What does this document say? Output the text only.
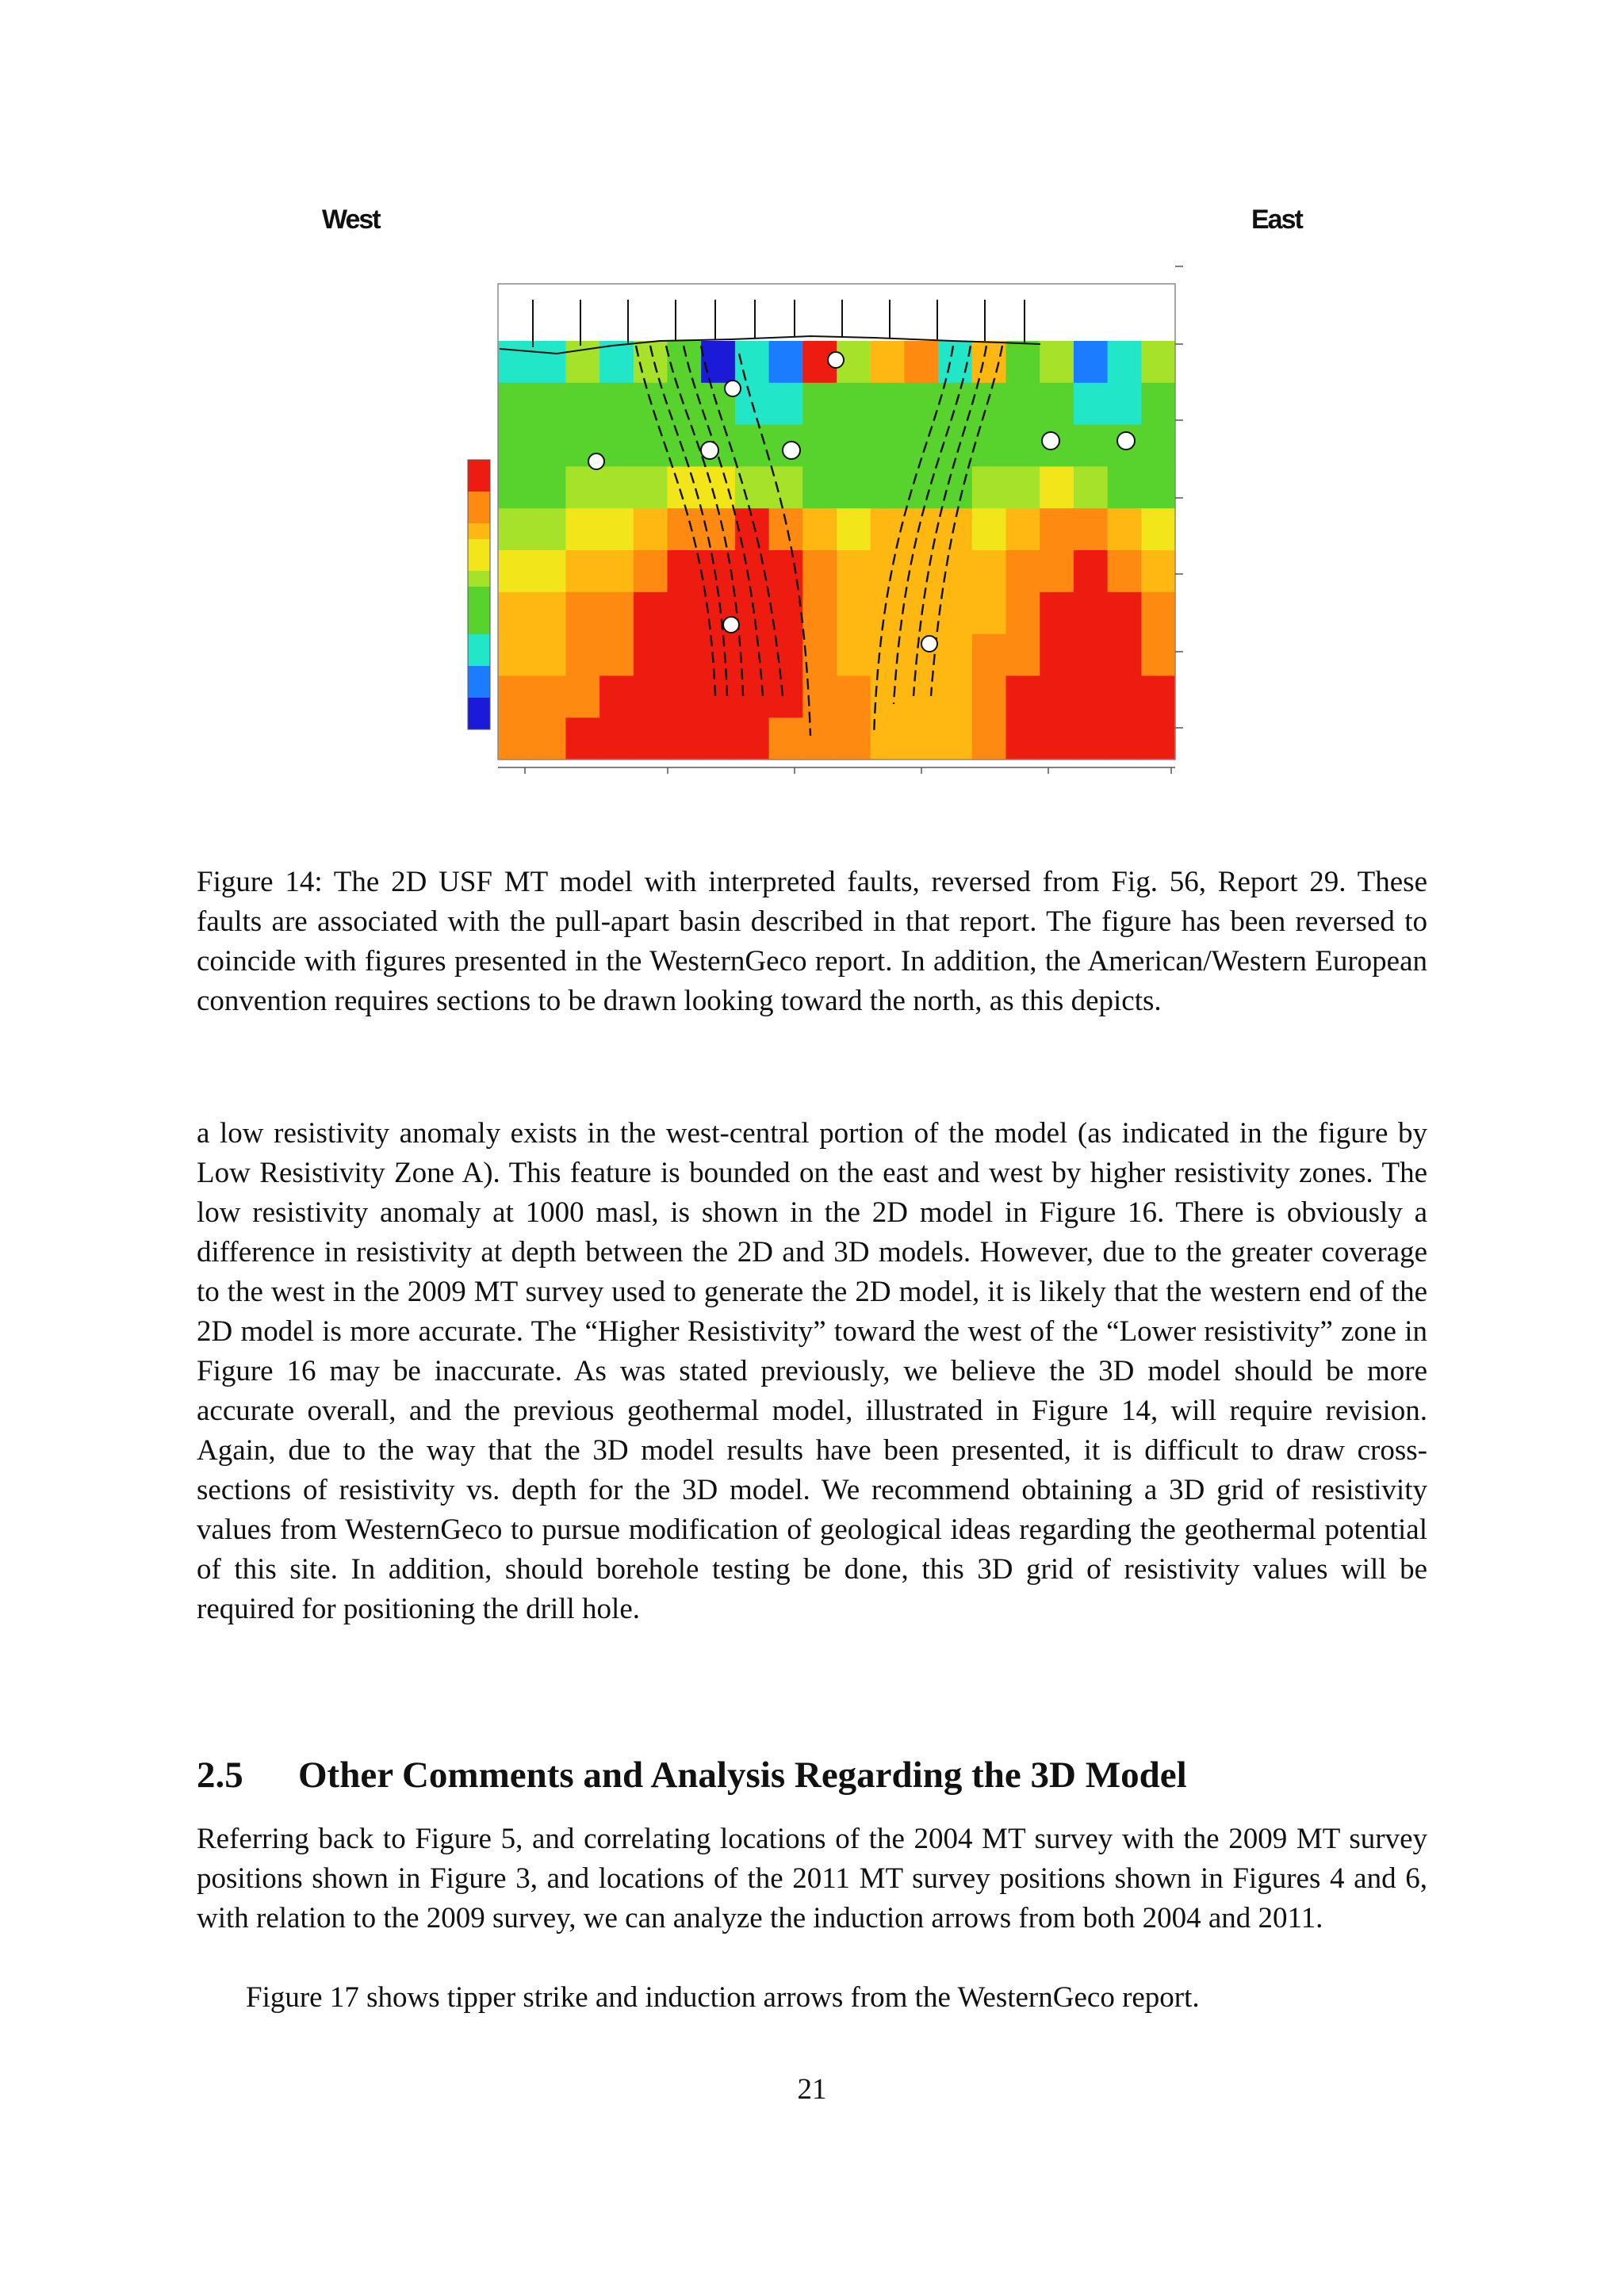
West	East
Figure 14: The 2D USF MT model with interpreted faults, reversed from Fig. 56, Report 29. These faults are associated with the pull-apart basin described in that report. The figure has been reversed to coincide with figures presented in the WesternGeco report. In addition, the American/Western European convention requires sections to be drawn looking toward the north, as this depicts.

a low resistivity anomaly exists in the west-central portion of the model (as indicated in the figure by Low Resistivity Zone A). This feature is bounded on the east and west by higher resistivity zones. The low resistivity anomaly at 1000 masl, is shown in the 2D model in Figure 16. There is obviously a difference in resistivity at depth between the 2D and 3D models. However, due to the greater coverage to the west in the 2009 MT survey used to generate the 2D model, it is likely that the western end of the 2D model is more accurate. The “Higher Resistivity” toward the west of the “Lower resistivity” zone in Figure 16 may be inaccurate. As was stated previously, we believe the 3D model should be more accurate overall, and the previous geothermal model, illustrated in Figure 14, will require revision. Again, due to the way that the 3D model results have been presented, it is difficult to draw cross-sections of resistivity vs. depth for the 3D model. We recommend obtaining a 3D grid of resistivity values from WesternGeco to pursue modification of geological ideas regarding the geothermal potential of this site. In addition, should borehole testing be done, this 3D grid of resistivity values will be required for positioning the drill hole.

2.5 Other Comments and Analysis Regarding the 3D Model

Referring back to Figure 5, and correlating locations of the 2004 MT survey with the 2009 MT survey positions shown in Figure 3, and locations of the 2011 MT survey positions shown in Figures 4 and 6, with relation to the 2009 survey, we can analyze the induction arrows from both 2004 and 2011.

Figure 17 shows tipper strike and induction arrows from the WesternGeco report.

21
